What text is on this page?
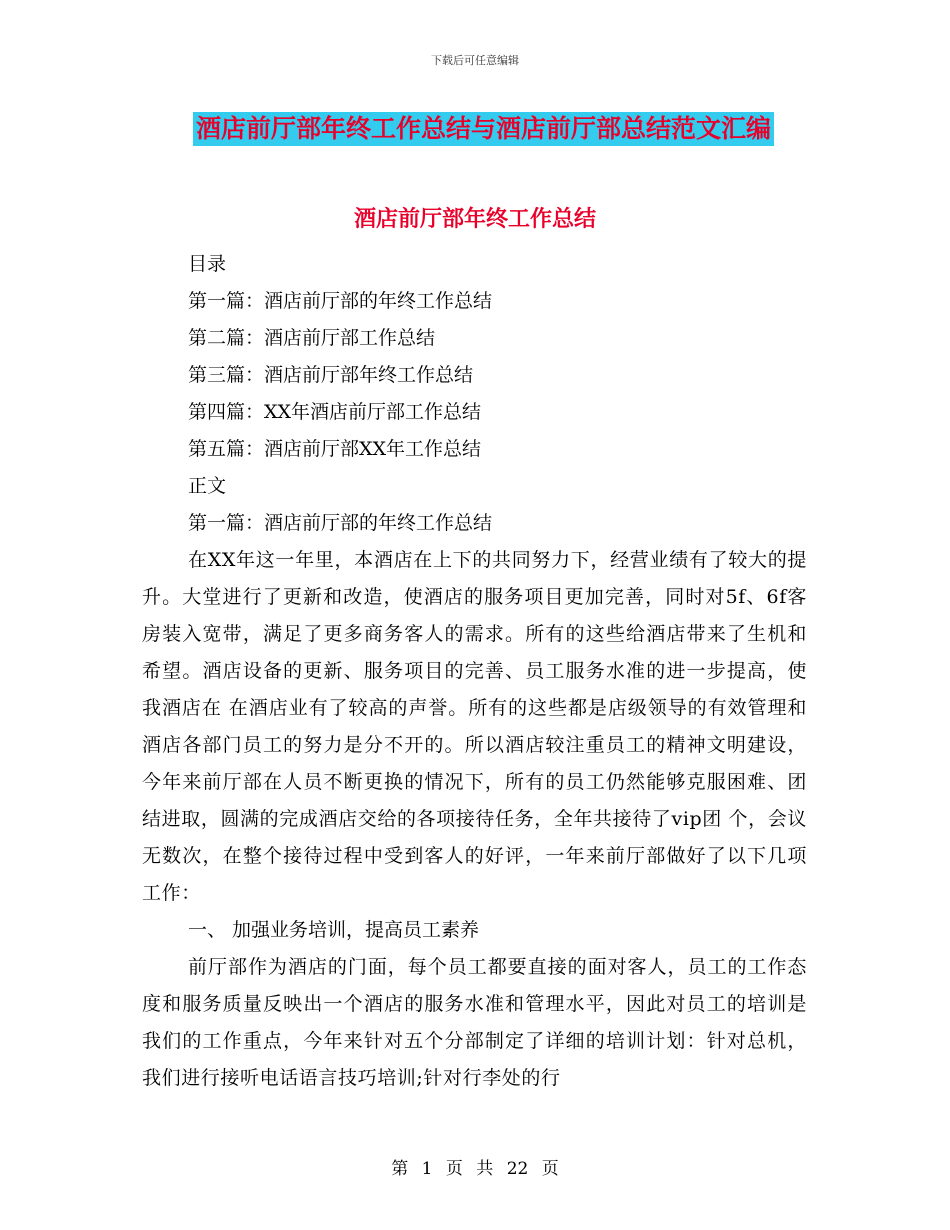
下载后可任意编辑
酒店前厅部年终工作总结与酒店前厅部总结范文汇编
酒店前厅部年终工作总结
目录
第一篇：酒店前厅部的年终工作总结
第二篇：酒店前厅部工作总结
第三篇：酒店前厅部年终工作总结
第四篇：XX年酒店前厅部工作总结
第五篇：酒店前厅部XX年工作总结
正文
第一篇：酒店前厅部的年终工作总结

在XX年这一年里，本酒店在上下的共同努力下，经营业绩有了较大的提升。大堂进行了更新和改造，使酒店的服务项目更加完善，同时对5f、6f客房装入宽带，满足了更多商务客人的需求。所有的这些给酒店带来了生机和希望。酒店设备的更新、服务项目的完善、员工服务水准的进一步提高，使我酒店在 在酒店业有了较高的声誉。所有的这些都是店级领导的有效管理和酒店各部门员工的努力是分不开的。所以酒店较注重员工的精神文明建设，今年来前厅部在人员不断更换的情况下，所有的员工仍然能够克服困难、团结进取，圆满的完成酒店交给的各项接待任务，全年共接待了vip团 个，会议无数次，在整个接待过程中受到客人的好评，一年来前厅部做好了以下几项工作：

一、 加强业务培训，提高员工素养

前厅部作为酒店的门面，每个员工都要直接的面对客人，员工的工作态度和服务质量反映出一个酒店的服务水准和管理水平，因此对员工的培训是我们的工作重点，今年来针对五个分部制定了详细的培训计划：针对总机，我们进行接听电话语言技巧培训;针对行李处的行

第 1 页 共 22 页
